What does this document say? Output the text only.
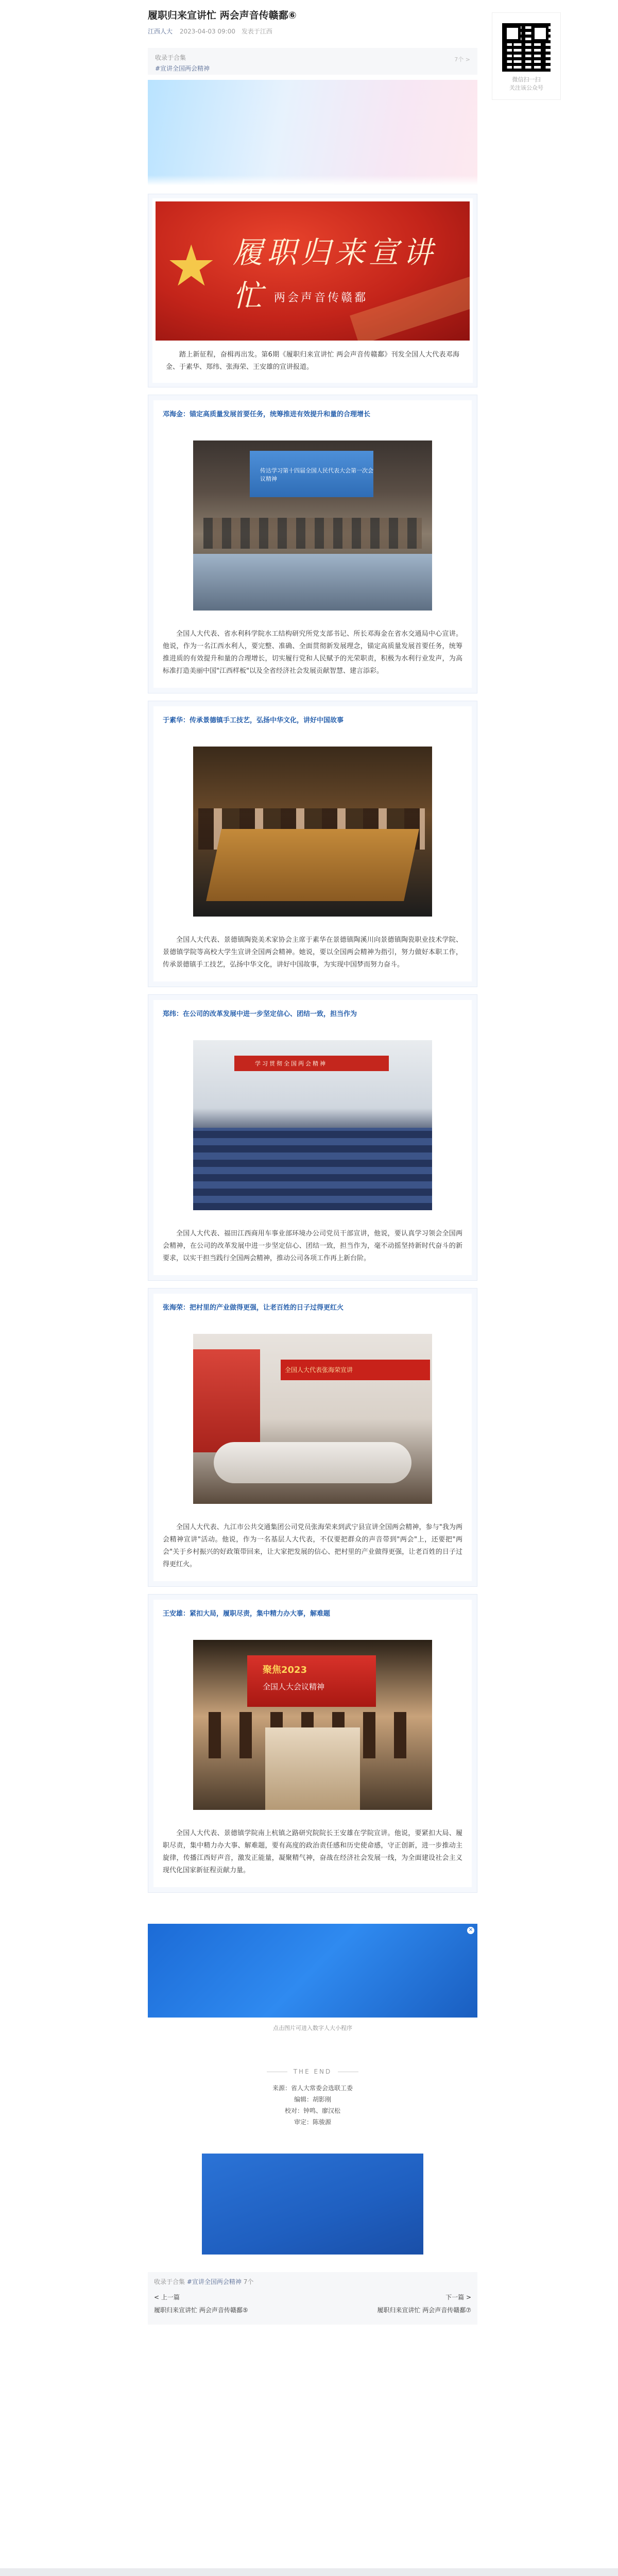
履职归来宣讲忙 两会声音传赣鄱⑥
江西人大 2023-04-03 09:00 发表于江西
收录于合集
#宣讲全国两会精神
7个 >
★ 履职归来宣讲忙 两会声音传赣鄱
踏上新征程，奋楫再出发。第6期《履职归来宣讲忙 两会声音传赣鄱》刊发全国人大代表邓海金、于素华、郑纬、张海荣、王安雄的宣讲报道。
邓海金：锚定高质量发展首要任务，统筹推进有效提升和量的合理增长
传达学习第十四届全国人民代表大会第一次会议精神

全国人大代表、省水利科学院水工结构研究所党支部书记、所长邓海金在省水交通局中心宣讲。他说，作为一名江西水利人，要完整、准确、全面贯彻新发展理念，锚定高质量发展首要任务，统筹推进质的有效提升和量的合理增长，切实履行党和人民赋予的光荣职责，积极为水利行业发声，为高标准打造美丽中国"江西样板"以及全省经济社会发展贡献智慧、建言添彩。

于素华：传承景德镇手工技艺，弘扬中华文化，讲好中国故事

全国人大代表、景德镇陶瓷美术家协会主席于素华在景德镇陶溪川向景德镇陶瓷职业技术学院、景德镇学院等高校大学生宣讲全国两会精神。她说，要以全国两会精神为指引，努力做好本职工作，传承景德镇手工技艺，弘扬中华文化，讲好中国故事，为实现中国梦而努力奋斗。

郑纬：在公司的改革发展中进一步坚定信心、团结一致，担当作为
学习贯彻全国两会精神

全国人大代表、福田江西商用车事业部环境办公司党员干部宣讲，他说，要认真学习领会全国两会精神，在公司的改革发展中进一步坚定信心、团结一致，担当作为，毫不动摇坚持新时代奋斗的新要求，以实干担当践行全国两会精神，推动公司各项工作再上新台阶。

张海荣：把村里的产业做得更强，让老百姓的日子过得更红火
全国人大代表张海荣宣讲

全国人大代表、九江市公共交通集团公司党员张海荣来到武宁县宣讲全国两会精神，参与"我为两会精神宣讲"活动。他说，作为一名基层人大代表，不仅要把群众的声音带到"两会"上，还要把"两会"关于乡村振兴的好政策带回来，让大家把发展的信心、把村里的产业做得更强，让老百姓的日子过得更红火。

王安雄：紧扣大局，履职尽责，集中精力办大事，解难题
聚焦2023
全国人大会议精神

全国人大代表、景德镇学院南上杭镇之路研究院院长王安雄在学院宣讲。他说，要紧扣大局、履职尽责，集中精力办大事、解难题，要有高度的政治责任感和历史使命感，守正创新，进一步推动主旋律，传播江西好声音，激发正能量，凝聚精气神，奋战在经济社会发展一线，为全面建设社会主义现代化国家新征程贡献力量。

✕
点击图片可进入数字人大小程序
THE END
来源：省人大常委会选联工委
编辑：胡影刚
校对：钟鸣、廖汉松
审定：陈骏源
收录于合集 #宣讲全国两会精神 7个
< 上一篇
履职归来宣讲忙 两会声音传赣鄱⑤
下一篇 >
履职归来宣讲忙 两会声音传赣鄱⑦
微信扫一扫
关注该公众号
